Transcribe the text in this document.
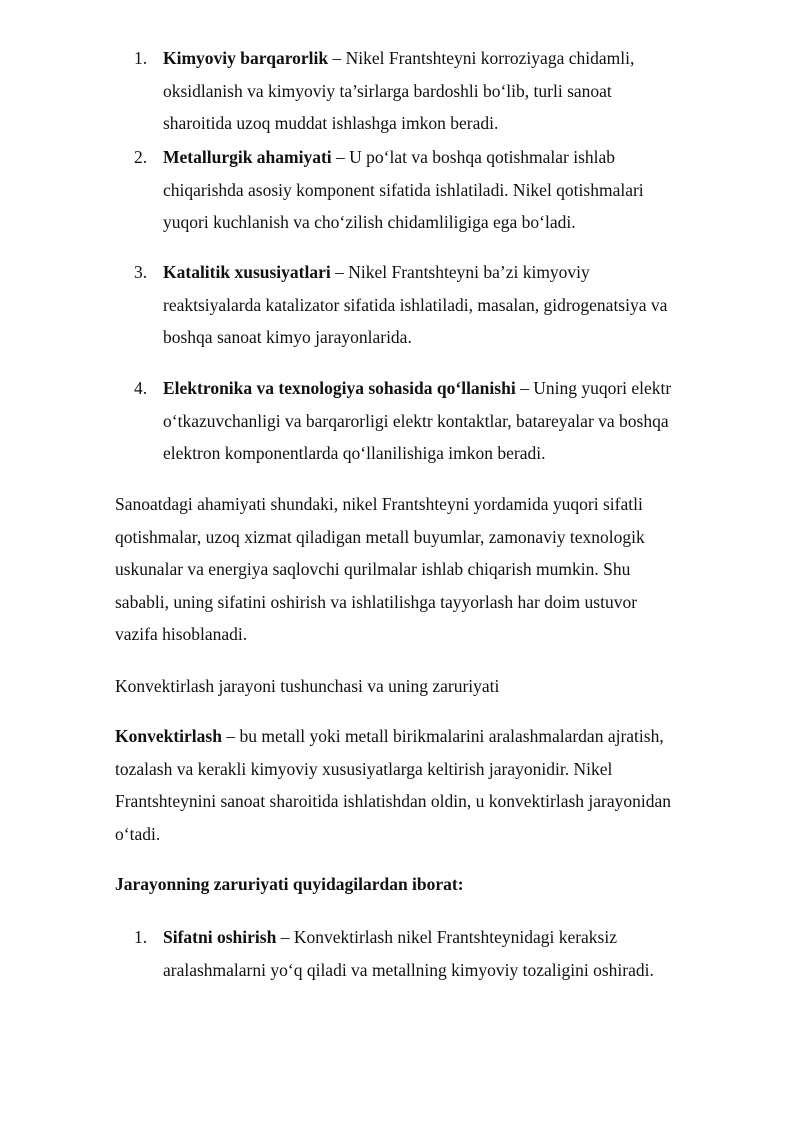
1. Kimyoviy barqarorlik – Nikel Frantshteyni korroziyaga chidamli,
oksidlanish va kimyoviy ta’sirlarga bardoshli bo‘lib, turli sanoat
sharoitida uzoq muddat ishlashga imkon beradi.
2. Metallurgik ahamiyati – U po‘lat va boshqa qotishmalar ishlab
chiqarishda asosiy komponent sifatida ishlatiladi. Nikel qotishmalari
yuqori kuchlanish va cho‘zilish chidamliligiga ega bo‘ladi.
3. Katalitik xususiyatlari – Nikel Frantshteyni ba’zi kimyoviy
reaktsiyalarda katalizator sifatida ishlatiladi, masalan, gidrogenatsiya va
boshqa sanoat kimyo jarayonlarida.
4. Elektronika va texnologiya sohasida qo‘llanishi – Uning yuqori elektr
o‘tkazuvchanligi va barqarorligi elektr kontaktlar, batareyalar va boshqa
elektron komponentlarda qo‘llanilishiga imkon beradi.
Sanoatdagi ahamiyati shundaki, nikel Frantshteyni yordamida yuqori sifatli
qotishmalar, uzoq xizmat qiladigan metall buyumlar, zamonaviy texnologik
uskunalar va energiya saqlovchi qurilmalar ishlab chiqarish mumkin. Shu
sababli, uning sifatini oshirish va ishlatilishga tayyorlash har doim ustuvor
vazifa hisoblanadi.
Konvektirlash jarayoni tushunchasi va uning zaruriyati
Konvektirlash – bu metall yoki metall birikmalarini aralashmalardan ajratish,
tozalash va kerakli kimyoviy xususiyatlarga keltirish jarayonidir. Nikel
Frantshteynini sanoat sharoitida ishlatishdan oldin, u konvektirlash jarayonidan
o‘tadi.
Jarayonning zaruriyati quyidagilardan iborat:
1. Sifatni oshirish – Konvektirlash nikel Frantshteynidagi keraksiz
aralashmalarni yo‘q qiladi va metallning kimyoviy tozaligini oshiradi.
